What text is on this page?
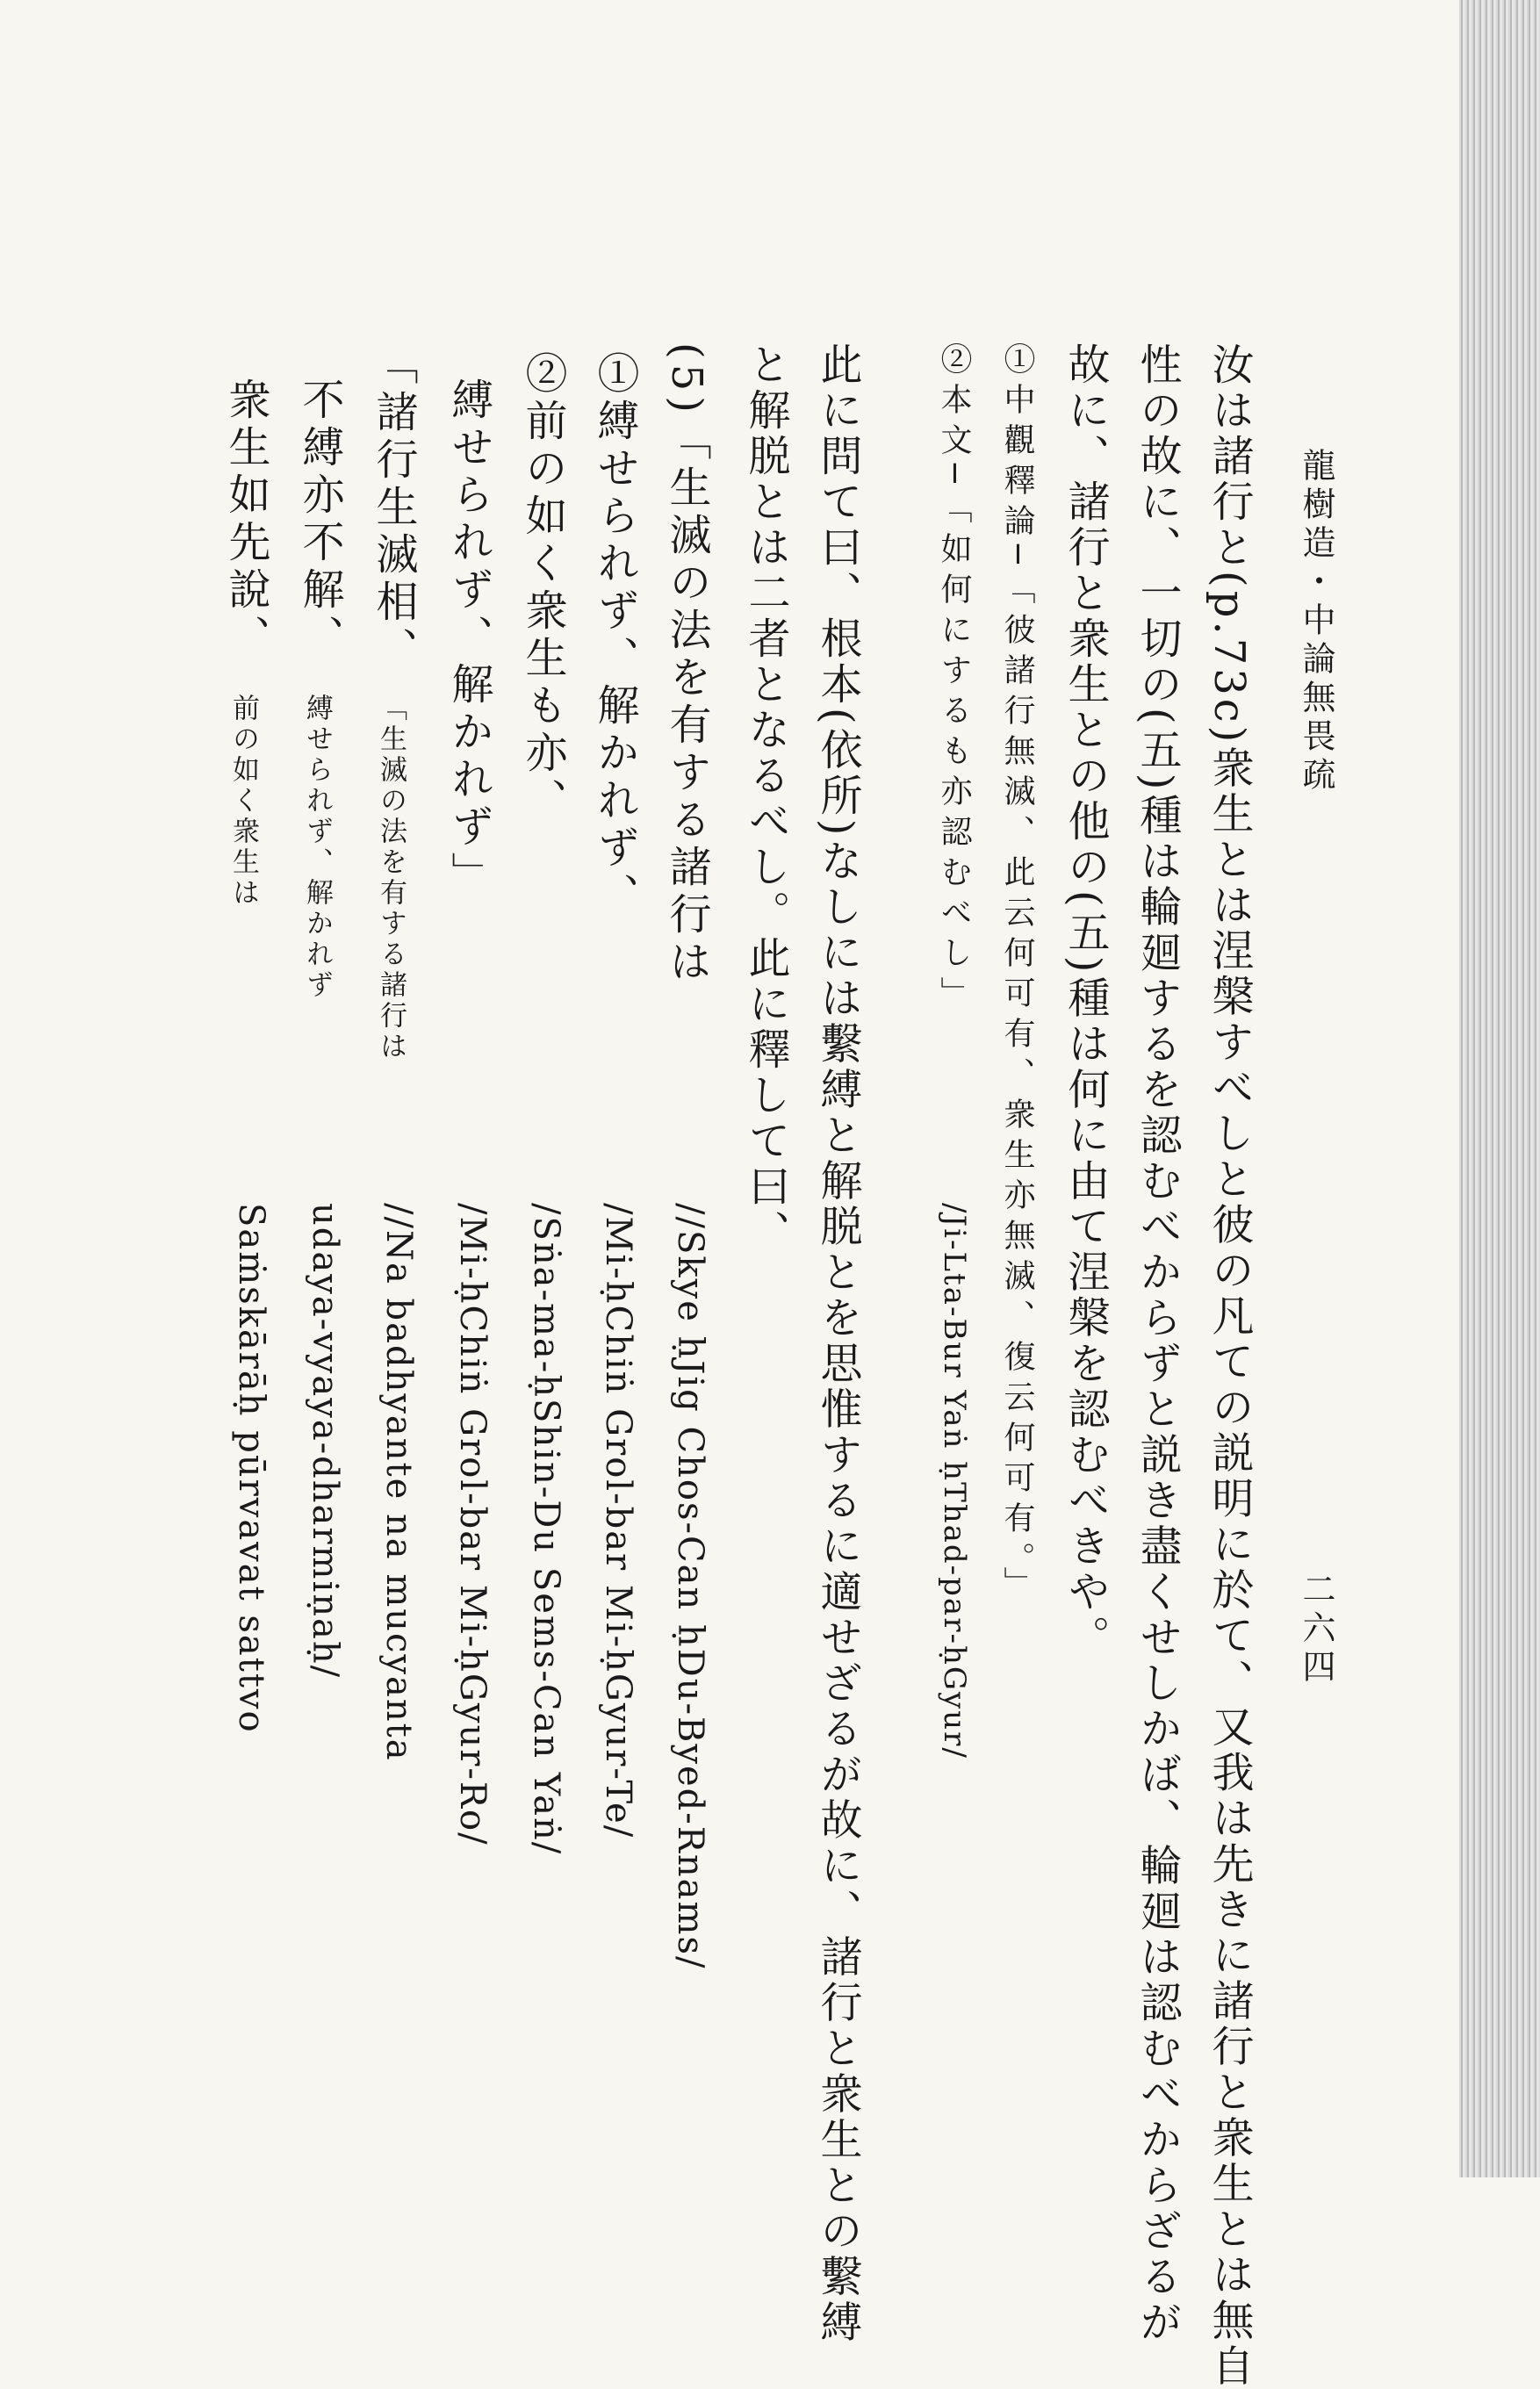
龍樹造・中論無畏疏
二六四
汝は諸行と(p.73c)衆生とは涅槃すべしと彼の凡ての説明に於て、又我は先きに諸行と衆生とは無自
性の故に、一切の(五)種は輪廻するを認むべからずと説き盡くせしかば、輪廻は認むべからざるが
故に、諸行と衆生との他の(五)種は何に由て涅槃を認むべきや。
①中觀釋論─「彼諸行無滅、此云何可有、衆生亦無滅、復云何可有。」
②本文─「如何にするも亦認むべし」
/Ji-Lta-Bur Yaṅ ḥThad-par-ḥGyur/
此に問て曰、根本(依所)なしには繫縛と解脱とを思惟するに適せざるが故に、諸行と衆生との繫縛
と解脱とは二者となるべし。此に釋して曰、
(5)「生滅の法を有する諸行は
//Skye ḥJig Chos-Can ḥDu-Byed-Rnams/
①縛せられず、解かれず、
/Mi-ḥChiṅ Grol-bar Mi-ḥGyur-Te/
②前の如く衆生も亦、
/Sṅa-ma-ḥShin-Du Sems-Can Yaṅ/
縛せられず、解かれず」
/Mi-ḥChiṅ Grol-bar Mi-ḥGyur-Ro/
「諸行生滅相、
「生滅の法を有する諸行は
//Na badhyante na mucyanta
不縛亦不解、
縛せられず、解かれず
udaya-vyaya-dharmiṇaḥ/
衆生如先說、
前の如く衆生は
Saṁskārāḥ pūrvavat sattvo
